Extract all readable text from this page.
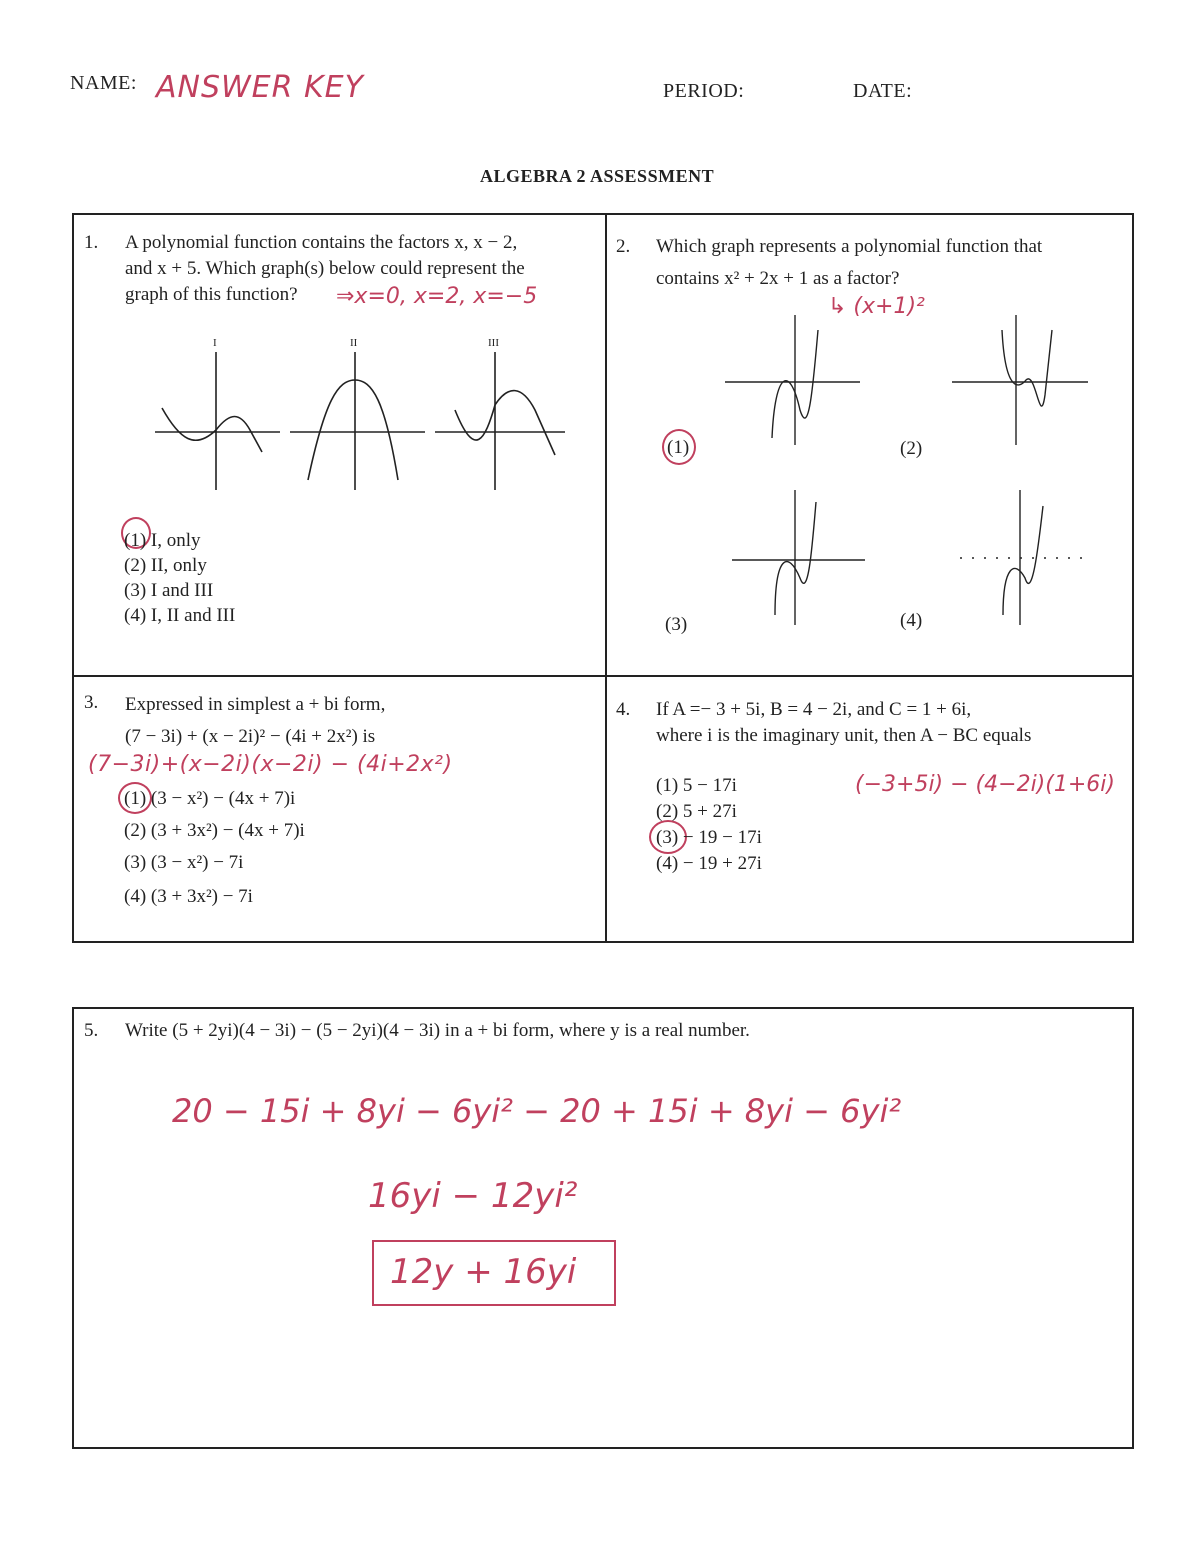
NAME: ANSWER KEY	PERIOD:	DATE:
ALGEBRA 2 ASSESSMENT
1. A polynomial function contains the factors x, x − 2,
and x + 5. Which graph(s) below could represent the
graph of this function? ⇒x=0, x=2, x=−5
I	II	III
(1) I, only
(2) II, only
(3) I and III
(4) I, II and III
2. Which graph represents a polynomial function that
contains x² + 2x + 1 as a factor?
↳ (x+1)²
(1)	(2)
(3)	(4)
3. Expressed in simplest a + bi form,
(7 − 3i) + (x − 2i)² − (4i + 2x²) is
(7−3i)+(x−2i)(x−2i) − (4i+2x²)
(1) (3 − x²) − (4x + 7)i
(2) (3 + 3x²) − (4x + 7)i
(3) (3 − x²) − 7i
(4) (3 + 3x²) − 7i
4. If A =− 3 + 5i, B = 4 − 2i, and C = 1 + 6i,
where i is the imaginary unit, then A − BC equals
(−3+5i) − (4−2i)(1+6i)
(1) 5 − 17i
(2) 5 + 27i
(3) − 19 − 17i
(4) − 19 + 27i
5. Write (5 + 2yi)(4 − 3i) − (5 − 2yi)(4 − 3i) in a + bi form, where y is a real number.
20 − 15i + 8yi − 6yi² − 20 + 15i + 8yi − 6yi²
16yi − 12yi²
12y + 16yi
